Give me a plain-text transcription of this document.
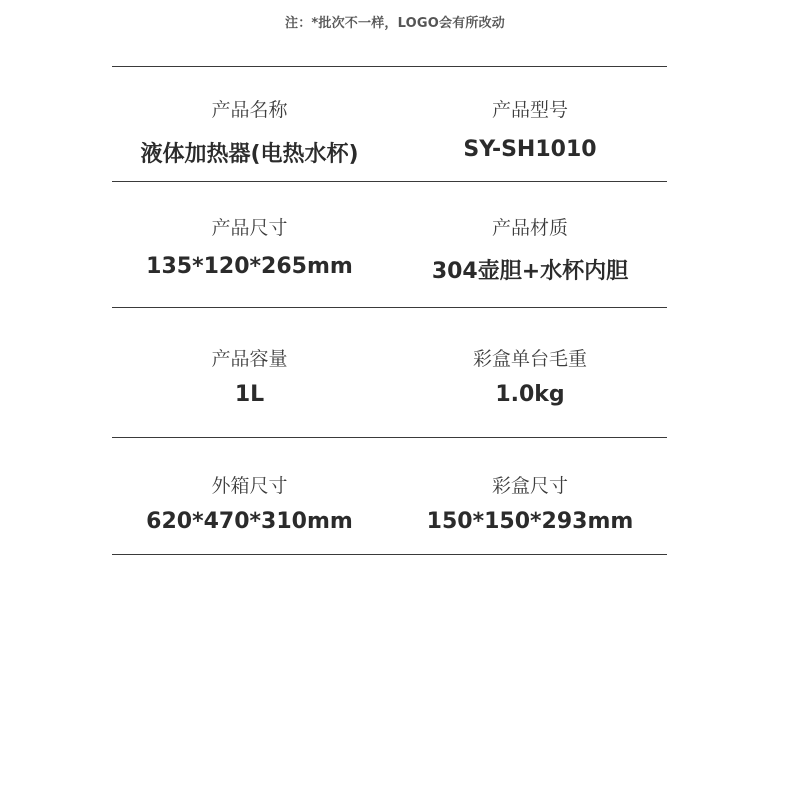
注：*批次不一样，LOGO会有所改动
产品名称
液体加热器(电热水杯)
产品型号
SY-SH1010
产品尺寸
135*120*265mm
产品材质
304壶胆+水杯内胆
产品容量
1L
彩盒单台毛重
1.0kg
外箱尺寸
620*470*310mm
彩盒尺寸
150*150*293mm
